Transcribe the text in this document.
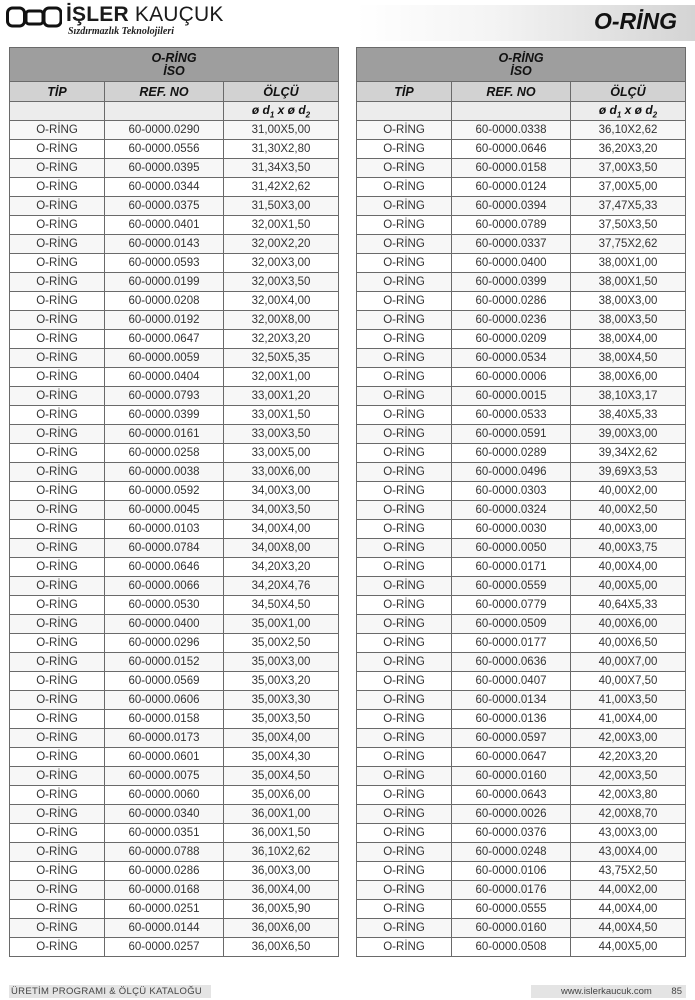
İŞLER KAUÇUK
Sızdırmazlık Teknolojileri	O-RİNG
O-RİNG
İSO		

TİP	REF. NO	ÖLÇÜ
		ø $d_1$ x ø $d_2$
O-RİNG	60-0000.0290	31,00X5,00
O-RİNG	60-0000.0556	31,30X2,80
O-RİNG	60-0000.0395	31,34X3,50
O-RİNG	60-0000.0344	31,42X2,62
O-RİNG	60-0000.0375	31,50X3,00
O-RİNG	60-0000.0401	32,00X1,50
O-RİNG	60-0000.0143	32,00X2,20
O-RİNG	60-0000.0593	32,00X3,00
O-RİNG	60-0000.0199	32,00X3,50
O-RİNG	60-0000.0208	32,00X4,00
O-RİNG	60-0000.0192	32,00X8,00
O-RİNG	60-0000.0647	32,20X3,20
O-RİNG	60-0000.0059	32,50X5,35
O-RİNG	60-0000.0404	32,00X1,00
O-RİNG	60-0000.0793	33,00X1,20
O-RİNG	60-0000.0399	33,00X1,50
O-RİNG	60-0000.0161	33,00X3,50
O-RİNG	60-0000.0258	33,00X5,00
O-RİNG	60-0000.0038	33,00X6,00
O-RİNG	60-0000.0592	34,00X3,00
O-RİNG	60-0000.0045	34,00X3,50
O-RİNG	60-0000.0103	34,00X4,00
O-RİNG	60-0000.0784	34,00X8,00
O-RİNG	60-0000.0646	34,20X3,20
O-RİNG	60-0000.0066	34,20X4,76
O-RİNG	60-0000.0530	34,50X4,50
O-RİNG	60-0000.0400	35,00X1,00
O-RİNG	60-0000.0296	35,00X2,50
O-RİNG	60-0000.0152	35,00X3,00
O-RİNG	60-0000.0569	35,00X3,20
O-RİNG	60-0000.0606	35,00X3,30
O-RİNG	60-0000.0158	35,00X3,50
O-RİNG	60-0000.0173	35,00X4,00
O-RİNG	60-0000.0601	35,00X4,30
O-RİNG	60-0000.0075	35,00X4,50
O-RİNG	60-0000.0060	35,00X6,00
O-RİNG	60-0000.0340	36,00X1,00
O-RİNG	60-0000.0351	36,00X1,50
O-RİNG	60-0000.0788	36,10X2,62
O-RİNG	60-0000.0286	36,00X3,00
O-RİNG	60-0000.0168	36,00X4,00
O-RİNG	60-0000.0251	36,00X5,90
O-RİNG	60-0000.0144	36,00X6,00
O-RİNG	60-0000.0257	36,00X6,50
O-RİNG
İSO		

TİP	REF. NO	ÖLÇÜ
		ø $d_1$ x ø $d_2$
O-RİNG	60-0000.0338	36,10X2,62
O-RİNG	60-0000.0646	36,20X3,20
O-RİNG	60-0000.0158	37,00X3,50
O-RİNG	60-0000.0124	37,00X5,00
O-RİNG	60-0000.0394	37,47X5,33
O-RİNG	60-0000.0789	37,50X3,50
O-RİNG	60-0000.0337	37,75X2,62
O-RİNG	60-0000.0400	38,00X1,00
O-RİNG	60-0000.0399	38,00X1,50
O-RİNG	60-0000.0286	38,00X3,00
O-RİNG	60-0000.0236	38,00X3,50
O-RİNG	60-0000.0209	38,00X4,00
O-RİNG	60-0000.0534	38,00X4,50
O-RİNG	60-0000.0006	38,00X6,00
O-RİNG	60-0000.0015	38,10X3,17
O-RİNG	60-0000.0533	38,40X5,33
O-RİNG	60-0000.0591	39,00X3,00
O-RİNG	60-0000.0289	39,34X2,62
O-RİNG	60-0000.0496	39,69X3,53
O-RİNG	60-0000.0303	40,00X2,00
O-RİNG	60-0000.0324	40,00X2,50
O-RİNG	60-0000.0030	40,00X3,00
O-RİNG	60-0000.0050	40,00X3,75
O-RİNG	60-0000.0171	40,00X4,00
O-RİNG	60-0000.0559	40,00X5,00
O-RİNG	60-0000.0779	40,64X5,33
O-RİNG	60-0000.0509	40,00X6,00
O-RİNG	60-0000.0177	40,00X6,50
O-RİNG	60-0000.0636	40,00X7,00
O-RİNG	60-0000.0407	40,00X7,50
O-RİNG	60-0000.0134	41,00X3,50
O-RİNG	60-0000.0136	41,00X4,00
O-RİNG	60-0000.0597	42,00X3,00
O-RİNG	60-0000.0647	42,20X3,20
O-RİNG	60-0000.0160	42,00X3,50
O-RİNG	60-0000.0643	42,00X3,80
O-RİNG	60-0000.0026	42,00X8,70
O-RİNG	60-0000.0376	43,00X3,00
O-RİNG	60-0000.0248	43,00X4,00
O-RİNG	60-0000.0106	43,75X2,50
O-RİNG	60-0000.0176	44,00X2,00
O-RİNG	60-0000.0555	44,00X4,00
O-RİNG	60-0000.0160	44,00X4,50
O-RİNG	60-0000.0508	44,00X5,00
ÜRETİM PROGRAMI & ÖLÇÜ KATALOĞU	www.islerkaucuk.com 85
